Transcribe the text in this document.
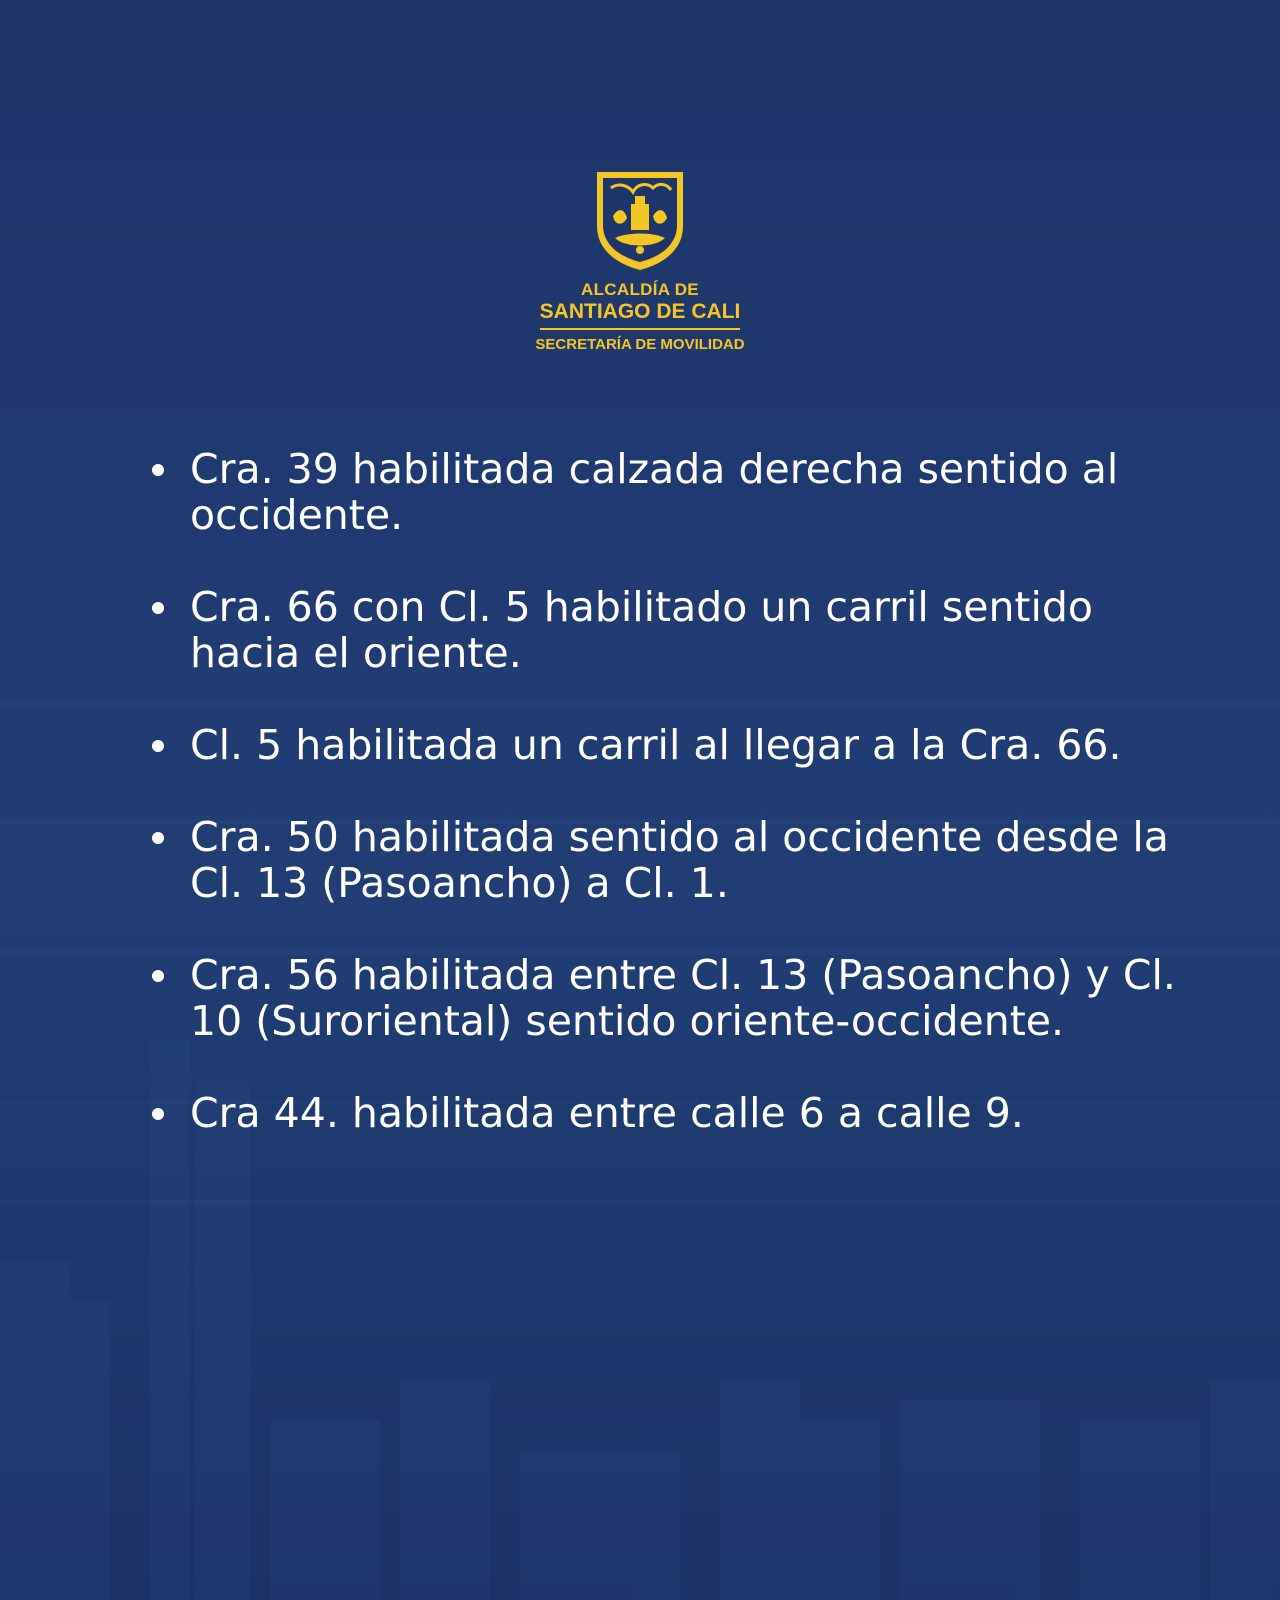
ALCALDÍA DE
SANTIAGO DE CALI
SECRETARÍA DE MOVILIDAD
Cra. 39 habilitada calzada derecha sentido al occidente.
Cra. 66 con Cl. 5 habilitado un carril sentido hacia el oriente.
Cl. 5 habilitada un carril al llegar a la Cra. 66.
Cra. 50 habilitada sentido al occidente desde la Cl. 13 (Pasoancho) a Cl. 1.
Cra. 56 habilitada entre Cl. 13 (Pasoancho) y Cl. 10 (Suroriental) sentido oriente-occidente.
Cra 44. habilitada entre calle 6 a calle 9.
